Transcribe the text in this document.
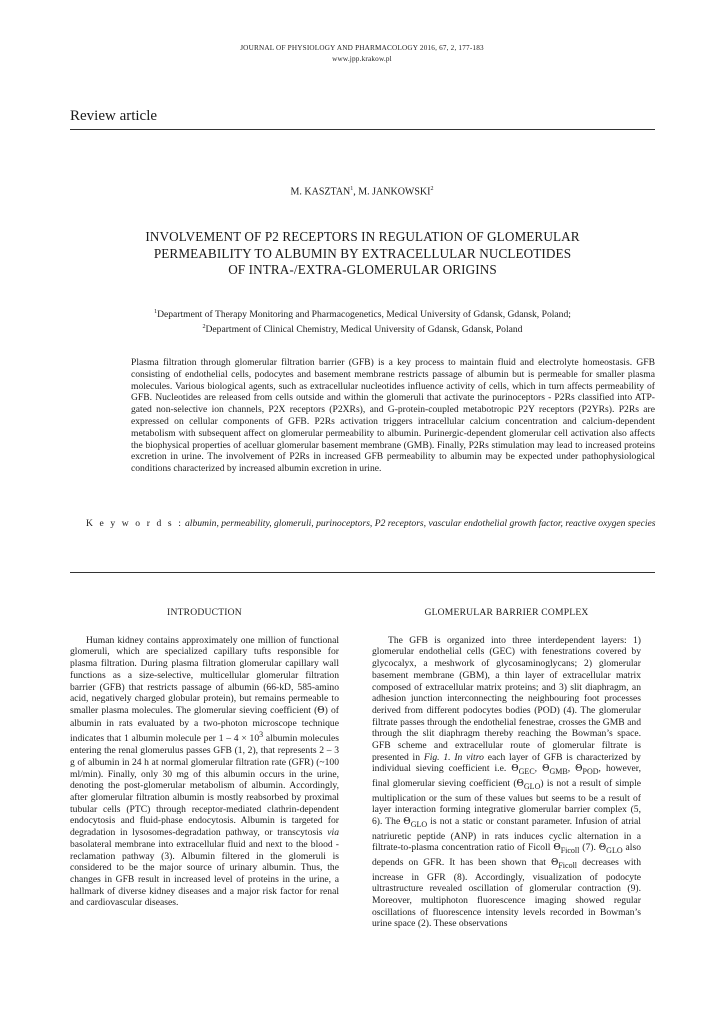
JOURNAL OF PHYSIOLOGY AND PHARMACOLOGY 2016, 67, 2, 177-183
www.jpp.krakow.pl
Review article
M. KASZTAN$^1$, M. JANKOWSKI$^2$
INVOLVEMENT OF P2 RECEPTORS IN REGULATION OF GLOMERULAR
PERMEABILITY TO ALBUMIN BY EXTRACELLULAR NUCLEOTIDES
OF INTRA-/EXTRA-GLOMERULAR ORIGINS
$^1$Department of Therapy Monitoring and Pharmacogenetics, Medical University of Gdansk, Gdansk, Poland;
$^2$Department of Clinical Chemistry, Medical University of Gdansk, Gdansk, Poland
Plasma filtration through glomerular filtration barrier (GFB) is a key process to maintain fluid and electrolyte homeostasis. GFB consisting of endothelial cells, podocytes and basement membrane restricts passage of albumin but is permeable for smaller plasma molecules. Various biological agents, such as extracellular nucleotides influence activity of cells, which in turn affects permeability of GFB. Nucleotides are released from cells outside and within the glomeruli that activate the purinoceptors - P2Rs classified into ATP-gated non-selective ion channels, P2X receptors (P2XRs), and G-protein-coupled metabotropic P2Y receptors (P2YRs). P2Rs are expressed on cellular components of GFB. P2Rs activation triggers intracellular calcium concentration and calcium-dependent metabolism with subsequent affect on glomerular permeability to albumin. Purinergic-dependent glomerular cell activation also affects the biophysical properties of acelluar glomerular basement membrane (GMB). Finally, P2Rs stimulation may lead to increased proteins excretion in urine. The involvement of P2Rs in increased GFB permeability to albumin may be expected under pathophysiological conditions characterized by increased albumin excretion in urine.
K e y w o r d s : albumin, permeability, glomeruli, purinoceptors, P2 receptors, vascular endothelial growth factor, reactive oxygen species
INTRODUCTION

Human kidney contains approximately one million of functional glomeruli, which are specialized capillary tufts responsible for plasma filtration. During plasma filtration glomerular capillary wall functions as a size-selective, multicellular glomerular filtration barrier (GFB) that restricts passage of albumin (66-kD, 585-amino acid, negatively charged globular protein), but remains permeable to smaller plasma molecules. The glomerular sieving coefficient (Θ) of albumin in rats evaluated by a two-photon microscope technique indicates that 1 albumin molecule per $1 - 4 \times 10^3$ albumin molecules entering the renal glomerulus passes GFB (1, 2), that represents 2 – 3 g of albumin in 24 h at normal glomerular filtration rate (GFR) (~100 ml/min). Finally, only 30 mg of this albumin occurs in the urine, denoting the post-glomerular metabolism of albumin. Accordingly, after glomerular filtration albumin is mostly reabsorbed by proximal tubular cells (PTC) through receptor-mediated clathrin-dependent endocytosis and fluid-phase endocytosis. Albumin is targeted for degradation in lysosomes-degradation pathway, or transcytosis via basolateral membrane into extracellular fluid and next to the blood - reclamation pathway (3). Albumin filtered in the glomeruli is considered to be the major source of urinary albumin. Thus, the changes in GFB result in increased level of proteins in the urine, a hallmark of diverse kidney diseases and a major risk factor for renal and cardiovascular diseases.

GLOMERULAR BARRIER COMPLEX

The GFB is organized into three interdependent layers: 1) glomerular endothelial cells (GEC) with fenestrations covered by glycocalyx, a meshwork of glycosaminoglycans; 2) glomerular basement membrane (GBM), a thin layer of extracellular matrix composed of extracellular matrix proteins; and 3) slit diaphragm, an adhesion junction interconnecting the neighbouring foot processes derived from different podocytes bodies (POD) (4). The glomerular filtrate passes through the endothelial fenestrae, crosses the GMB and through the slit diaphragm thereby reaching the Bowman’s space. GFB scheme and extracellular route of glomerular filtrate is presented in Fig. 1. In vitro each layer of GFB is characterized by individual sieving coefficient i.e. $\Theta_{GEC}$, $\Theta_{GMB}$, $\Theta_{POD}$, however, final glomerular sieving coefficient $(\Theta_{GLO})$ is not a result of simple multiplication or the sum of these values but seems to be a result of layer interaction forming integrative glomerular barrier complex (5, 6). The $\Theta_{GLO}$ is not a static or constant parameter. Infusion of atrial natriuretic peptide (ANP) in rats induces cyclic alternation in a filtrate-to-plasma concentration ratio of Ficoll $\Theta_{Ficoll}$ (7). $\Theta_{GLO}$ also depends on GFR. It has been shown that $\Theta_{Ficoll}$ decreases with increase in GFR (8). Accordingly, visualization of podocyte ultrastructure revealed oscillation of glomerular contraction (9). Moreover, multiphoton fluorescence imaging showed regular oscillations of fluorescence intensity levels recorded in Bowman’s urine space (2). These observations
